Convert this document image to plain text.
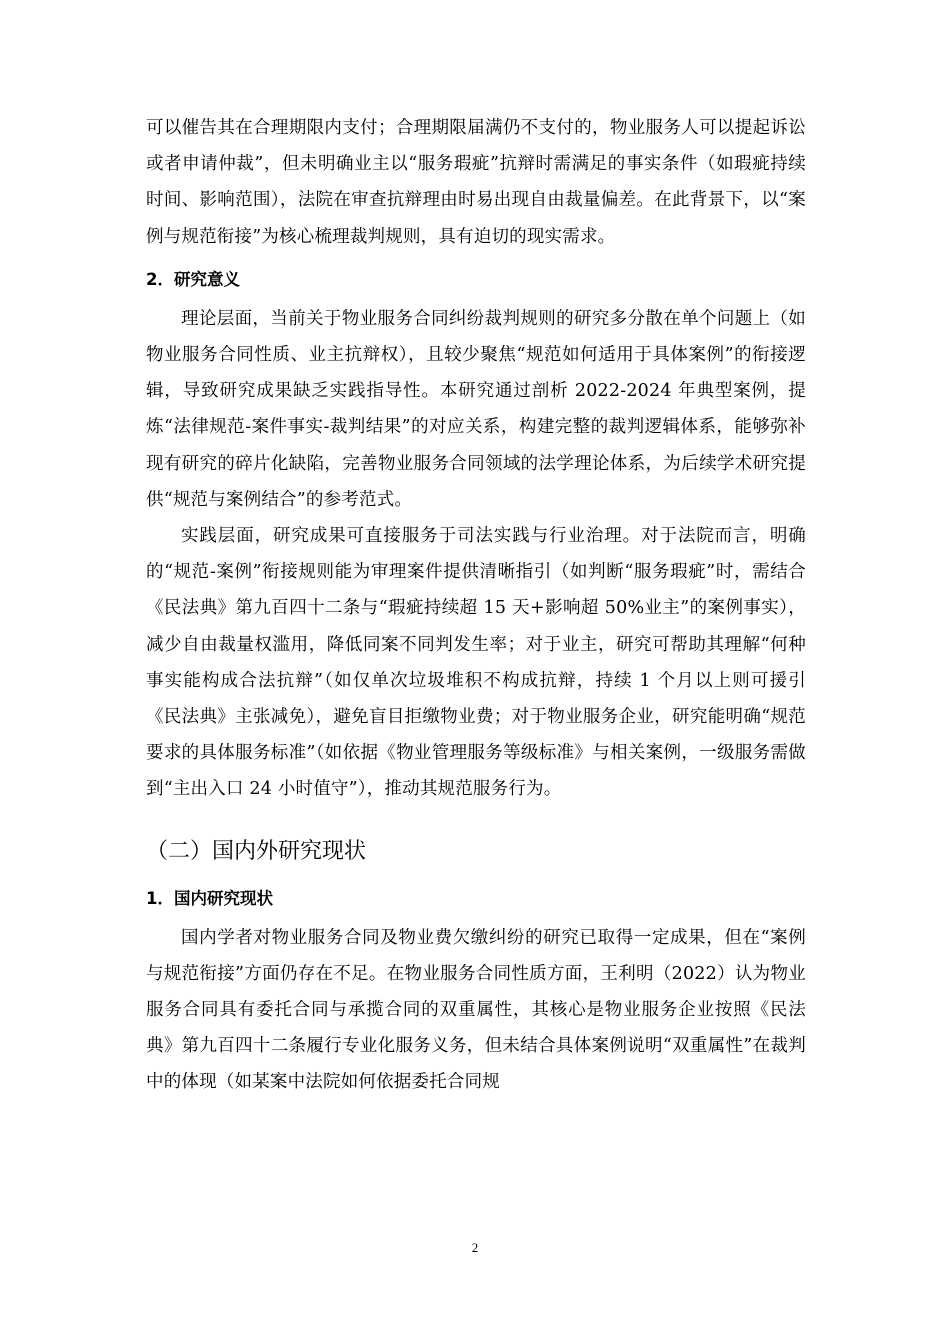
可以催告其在合理期限内支付；合理期限届满仍不支付的，物业服务人可以提起诉讼或者申请仲裁”，但未明确业主以“服务瑕疵”抗辩时需满足的事实条件（如瑕疵持续时间、影响范围），法院在审查抗辩理由时易出现自由裁量偏差。在此背景下，以“案例与规范衔接”为核心梳理裁判规则，具有迫切的现实需求。

2．研究意义

理论层面，当前关于物业服务合同纠纷裁判规则的研究多分散在单个问题上（如物业服务合同性质、业主抗辩权），且较少聚焦“规范如何适用于具体案例”的衔接逻辑，导致研究成果缺乏实践指导性。本研究通过剖析 2022-2024 年典型案例，提炼“法律规范-案件事实-裁判结果”的对应关系，构建完整的裁判逻辑体系，能够弥补现有研究的碎片化缺陷，完善物业服务合同领域的法学理论体系，为后续学术研究提供“规范与案例结合”的参考范式。

实践层面，研究成果可直接服务于司法实践与行业治理。对于法院而言，明确的“规范-案例”衔接规则能为审理案件提供清晰指引（如判断“服务瑕疵”时，需结合《民法典》第九百四十二条与“瑕疵持续超 15 天+影响超 50%业主”的案例事实），减少自由裁量权滥用，降低同案不同判发生率；对于业主，研究可帮助其理解“何种事实能构成合法抗辩”（如仅单次垃圾堆积不构成抗辩，持续 1 个月以上则可援引《民法典》主张减免），避免盲目拒缴物业费；对于物业服务企业，研究能明确“规范要求的具体服务标准”（如依据《物业管理服务等级标准》与相关案例，一级服务需做到“主出入口 24 小时值守”），推动其规范服务行为。

（二）国内外研究现状
1．国内研究现状

国内学者对物业服务合同及物业费欠缴纠纷的研究已取得一定成果，但在“案例与规范衔接”方面仍存在不足。在物业服务合同性质方面，王利明（2022）认为物业服务合同具有委托合同与承揽合同的双重属性，其核心是物业服务企业按照《民法典》第九百四十二条履行专业化服务义务，但未结合具体案例说明“双重属性”在裁判中的体现（如某案中法院如何依据委托合同规

2
